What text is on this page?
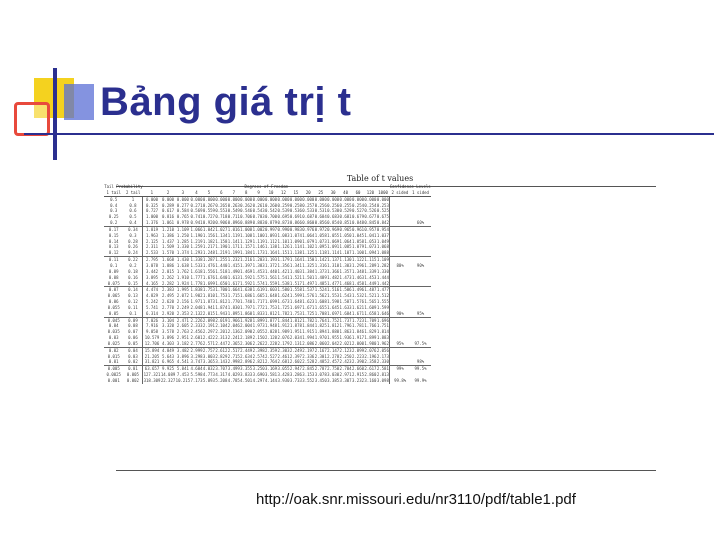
Bảng giá trị t
Table of t values
Tail Probability		Degrees of Freedom																			Confidence Levels	
1 tail	2 tail	1	2	3	4	5	6	7	8	9	10	12	15	20	25	30	40	60	120	1000	2 sided	1 sided
0.5	1	0.000	0.000	0.000	0.000	0.000	0.000	0.000	0.000	0.000	0.000	0.000	0.000	0.000	0.000	0.000	0.000	0.000	0.000	0.000		
0.4	0.8	0.325	0.289	0.277	0.271	0.267	0.265	0.263	0.262	0.261	0.260	0.259	0.258	0.257	0.256	0.256	0.255	0.254	0.254	0.253		
0.3	0.6	0.727	0.617	0.584	0.569	0.559	0.553	0.549	0.546	0.543	0.542	0.539	0.536	0.533	0.531	0.530	0.529	0.527	0.526	0.525		
0.25	0.5	1.000	0.816	0.765	0.741	0.727	0.718	0.711	0.706	0.703	0.700	0.695	0.691	0.687	0.684	0.683	0.681	0.679	0.677	0.675		
0.2	0.4	1.376	1.061	0.978	0.941	0.920	0.906	0.896	0.889	0.883	0.879	0.873	0.866	0.860	0.856	0.854	0.851	0.848	0.845	0.842		60%
0.17	0.34	1.819	1.210	1.109	1.066	1.042	1.027	1.016	1.008	1.002	0.997	0.990	0.983	0.976	0.972	0.969	0.965	0.961	0.957	0.954		
0.15	0.3	1.963	1.386	1.250	1.190	1.156	1.134	1.119	1.108	1.100	1.093	1.083	1.074	1.064	1.058	1.055	1.050	1.045	1.041	1.037		
0.14	0.28	2.125	1.437	1.285	1.219	1.182	1.158	1.141	1.129	1.119	1.112	1.101	1.090	1.079	1.073	1.069	1.064	1.058	1.053	1.049		
0.13	0.26	2.311	1.509	1.330	1.259	1.217	1.190	1.171	1.157	1.146	1.138	1.126	1.114	1.102	1.095	1.091	1.085	1.079	1.073	1.068		
0.12	0.24	2.533	1.570	1.374	1.293	1.248	1.219	1.199	1.184	1.173	1.164	1.151	1.138	1.125	1.118	1.114	1.107	1.100	1.094	1.088		
0.11	0.22	2.795	1.668	1.430	1.338	1.287	1.255	1.232	1.216	1.203	1.193	1.179	1.164	1.150	1.142	1.137	1.130	1.122	1.115	1.109		
0.1	0.2	3.078	1.886	1.638	1.533	1.476	1.440	1.415	1.397	1.383	1.372	1.356	1.341	1.325	1.316	1.310	1.303	1.296	1.289	1.282	80%	90%
0.09	0.18	3.442	2.015	1.762	1.618	1.556	1.518	1.490	1.469	1.453	1.440	1.421	1.403	1.384	1.373	1.366	1.357	1.348	1.339	1.330		
0.08	0.16	3.895	2.262	1.910	1.777	1.676	1.640	1.613	1.592	1.575	1.561	1.541	1.521	1.501	1.489	1.482	1.473	1.463	1.453	1.444		
0.075	0.15	4.165	2.282	1.924	1.778	1.699	1.650	1.617	1.592	1.574	1.559	1.538	1.517	1.497	1.485	1.477	1.468	1.458	1.449	1.442		
0.07	0.14	4.474	2.383	1.995	1.838	1.753	1.700	1.664	1.638	1.619	1.603	1.580	1.558	1.537	1.524	1.516	1.506	1.496	1.487	1.477		
0.065	0.13	4.829	2.495	2.072	1.902	1.810	1.753	1.715	1.686	1.665	1.648	1.624	1.599	1.576	1.562	1.553	1.543	1.532	1.521	1.512		
0.06	0.12	5.242	2.620	2.156	1.971	1.873	1.812	1.770	1.740	1.717	1.699	1.673	1.648	1.623	1.608	1.598	1.587	1.576	1.565	1.555		
0.055	0.11	5.741	2.770	2.249	2.048	1.941	1.874	1.830	1.797	1.772	1.753	1.725	1.697	1.671	1.655	1.645	1.633	1.621	1.609	1.599		
0.05	0.1	6.314	2.920	2.353	2.132	2.015	1.943	1.895	1.860	1.833	1.812	1.782	1.753	1.725	1.708	1.697	1.684	1.671	1.658	1.646	90%	95%
0.045	0.09	7.026	3.104	2.471	2.226	2.098	2.019	1.966	1.928	1.899	1.877	1.844	1.812	1.782	1.764	1.752	1.737	1.723	1.709	1.696		
0.04	0.08	7.916	3.320	2.605	2.333	2.191	2.104	2.046	2.004	1.973	1.948	1.912	1.878	1.844	1.825	1.812	1.796	1.781	1.766	1.751		
0.035	0.07	9.058	3.578	2.763	2.456	2.297	2.201	2.136	2.090	2.055	2.028	1.989	1.951	1.915	1.894	1.880	1.863	1.846	1.829	1.814		
0.03	0.06	10.579	3.896	2.951	2.601	2.422	2.313	2.241	2.189	2.150	2.120	2.076	2.034	1.994	1.970	1.955	1.936	1.917	1.899	1.883		
0.025	0.05	12.706	4.303	3.182	2.776	2.571	2.447	2.365	2.306	2.262	2.228	2.179	2.131	2.086	2.060	2.042	2.021	2.000	1.980	1.962	95%	97.5%
0.02	0.04	15.894	4.849	3.482	2.999	2.757	2.612	2.517	2.449	2.398	2.359	2.303	2.249	2.197	2.167	2.147	2.123	2.099	2.076	2.056		
0.015	0.03	21.205	5.643	3.896	3.298	3.003	2.829	2.715	2.634	2.574	2.527	2.461	2.397	2.336	2.301	2.278	2.250	2.223	2.196	2.173		
0.01	0.02	31.821	6.965	4.541	3.747	3.365	3.143	2.998	2.896	2.821	2.764	2.681	2.602	2.528	2.485	2.457	2.423	2.390	2.358	2.330		98%
0.005	0.01	63.657	9.925	5.841	4.604	4.032	3.707	3.499	3.355	3.250	3.169	3.055	2.947	2.845	2.787	2.750	2.704	2.660	2.617	2.581	99%	99.5%
0.0025	0.005	127.321	14.089	7.453	5.598	4.773	4.317	4.029	3.833	3.690	3.581	3.428	3.286	3.153	3.078	3.030	2.971	2.915	2.860	2.813		
0.001	0.002	318.309	22.327	10.215	7.173	5.893	5.208	4.785	4.501	4.297	4.144	3.930	3.733	3.552	3.450	3.385	3.307	3.232	3.160	3.098	99.8%	99.9%

http://oak.snr.missouri.edu/nr3110/pdf/table1.pdf
